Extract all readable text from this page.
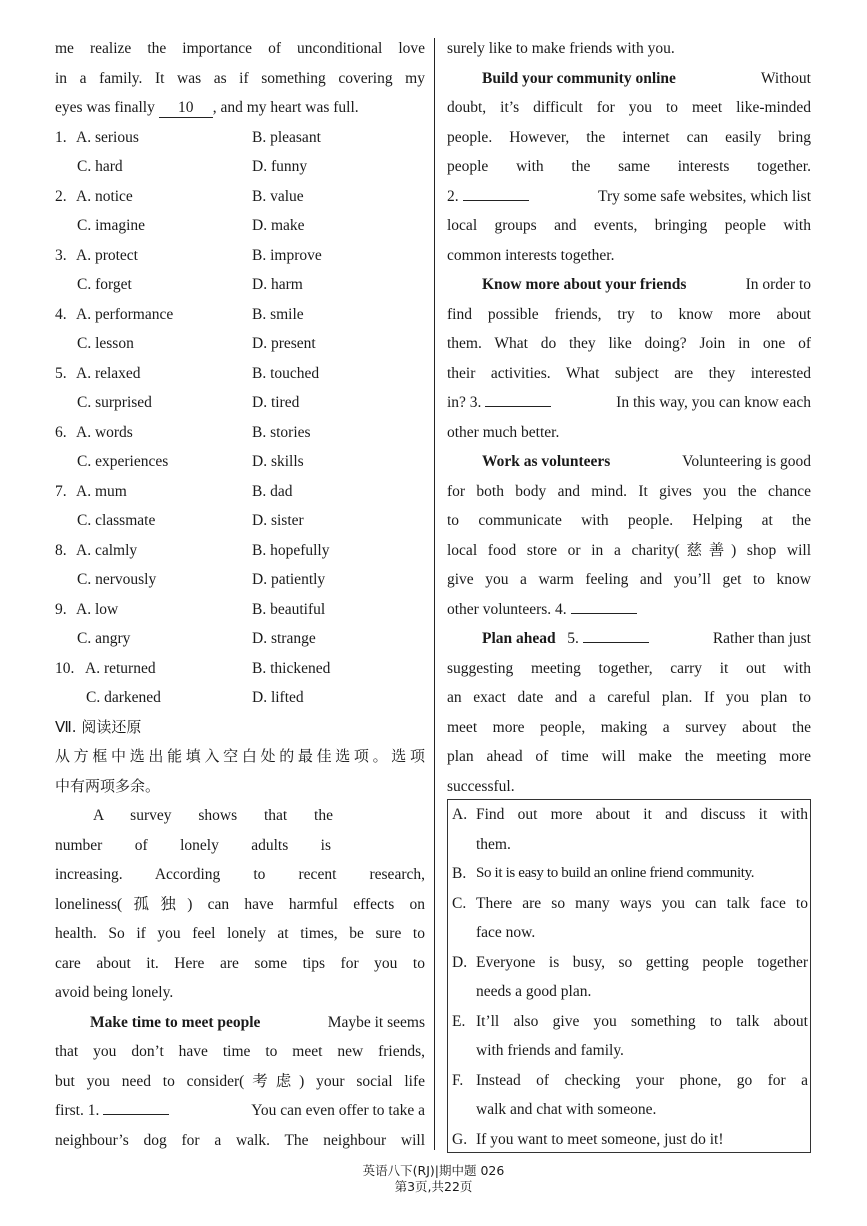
me realize the importance of unconditional love
in a family. It was as if something covering my
eyes was finally 10 , and my heart was full.
1. A. serious	B. pleasant
C. hard	D. funny
2. A. notice	B. value
C. imagine	D. make
3. A. protect	B. improve
C. forget	D. harm
4. A. performance	B. smile
C. lesson	D. present
5. A. relaxed	B. touched
C. surprised	D. tired
6. A. words	B. stories
C. experiences	D. skills
7. A. mum	B. dad
C. classmate	D. sister
8. A. calmly	B. hopefully
C. nervously	D. patiently
9. A. low	B. beautiful
C. angry	D. strange
10. A. returned	B. thickened
C. darkened	D. lifted
Ⅶ. 阅读还原
从方框中选出能填入空白处的最佳选项。选项
中有两项多余。
A survey shows that the
number of lonely adults is
increasing. According to recent research,
loneliness(孤独) can have harmful effects on
health. So if you feel lonely at times, be sure to
care about it. Here are some tips for you to
avoid being lonely.
Make time to meet people	Maybe it seems
that you don’t have time to meet new friends,
but you need to consider(考虑) your social life
first. 1.	You can even offer to take a
neighbour’s dog for a walk. The neighbour will
surely like to make friends with you.
Build your community online	Without
doubt, it’s difficult for you to meet like-minded
people. However, the internet can easily bring
people with the same interests together.
2.	Try some safe websites, which list
local groups and events, bringing people with
common interests together.
Know more about your friends	In order to
find possible friends, try to know more about
them. What do they like doing? Join in one of
their activities. What subject are they interested
in? 3.	In this way, you can know each
other much better.
Work as volunteers	Volunteering is good
for both body and mind. It gives you the chance
to communicate with people. Helping at the
local food store or in a charity(慈善) shop will
give you a warm feeling and you’ll get to know
other volunteers. 4.
Plan ahead 5.	Rather than just
suggesting meeting together, carry it out with
an exact date and a careful plan. If you plan to
meet more people, making a survey about the
plan ahead of time will make the meeting more
successful.
A. Find out more about it and discuss it with
them.
B. So it is easy to build an online friend community.
C. There are so many ways you can talk face to
face now.
D. Everyone is busy, so getting people together
needs a good plan.
E. It’ll also give you something to talk about
with friends and family.
F. Instead of checking your phone, go for a
walk and chat with someone.
G. If you want to meet someone, just do it!
英语八下(RJ)|期中题 026
第3页,共22页
